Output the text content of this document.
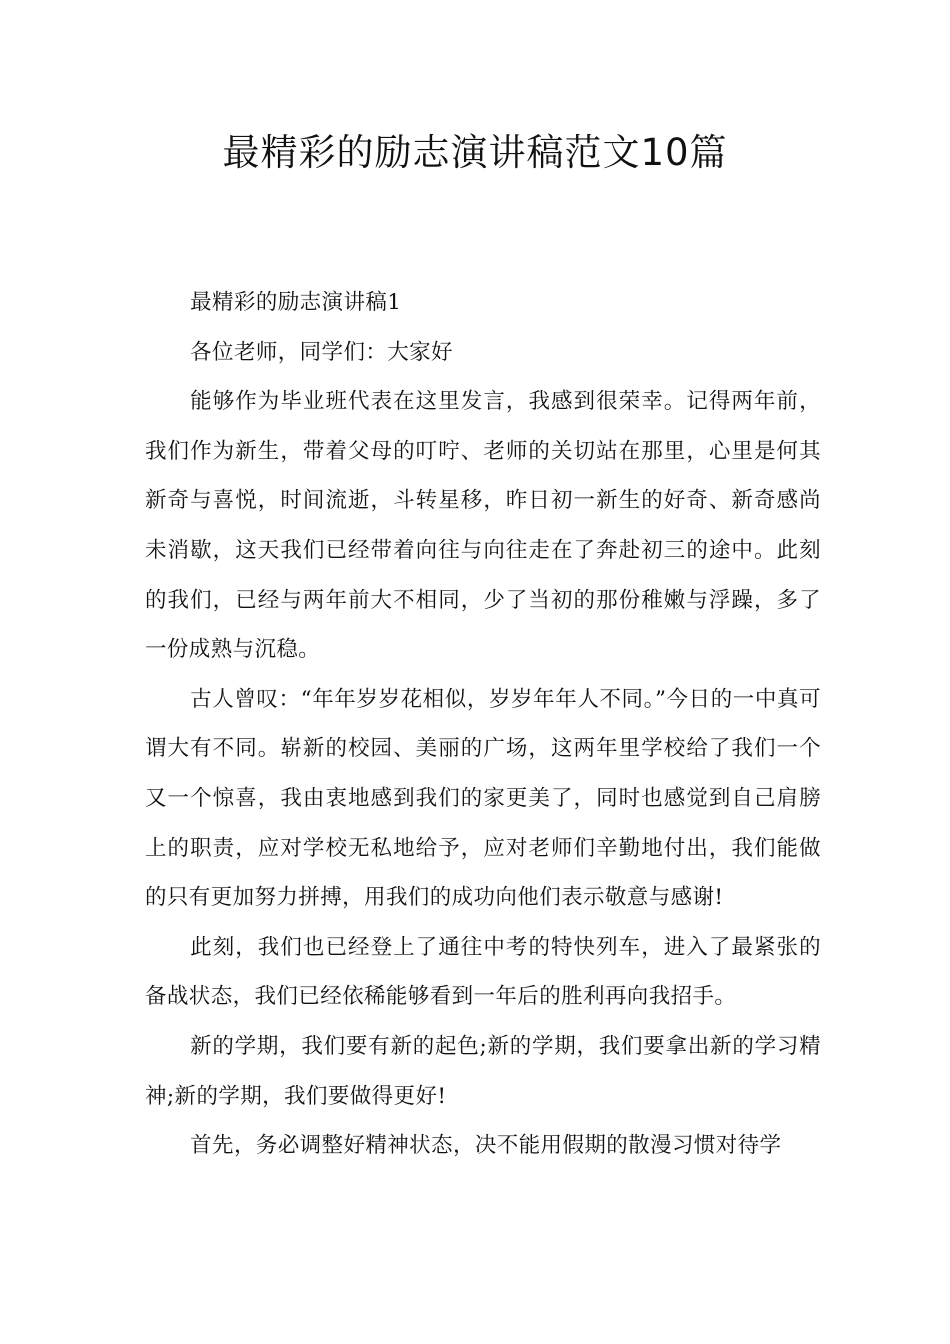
最精彩的励志演讲稿范文10篇

最精彩的励志演讲稿1

各位老师，同学们：大家好

能够作为毕业班代表在这里发言，我感到很荣幸。记得两年前，我们作为新生，带着父母的叮咛、老师的关切站在那里，心里是何其新奇与喜悦，时间流逝，斗转星移，昨日初一新生的好奇、新奇感尚未消歇，这天我们已经带着向往与向往走在了奔赴初三的途中。此刻的我们，已经与两年前大不相同，少了当初的那份稚嫩与浮躁，多了一份成熟与沉稳。

古人曾叹：“年年岁岁花相似，岁岁年年人不同。”今日的一中真可谓大有不同。崭新的校园、美丽的广场，这两年里学校给了我们一个又一个惊喜，我由衷地感到我们的家更美了，同时也感觉到自己肩膀上的职责，应对学校无私地给予，应对老师们辛勤地付出，我们能做的只有更加努力拼搏，用我们的成功向他们表示敬意与感谢!

此刻，我们也已经登上了通往中考的特快列车，进入了最紧张的备战状态，我们已经依稀能够看到一年后的胜利再向我招手。

新的学期，我们要有新的起色;新的学期，我们要拿出新的学习精神;新的学期，我们要做得更好!

首先，务必调整好精神状态，决不能用假期的散漫习惯对待学
